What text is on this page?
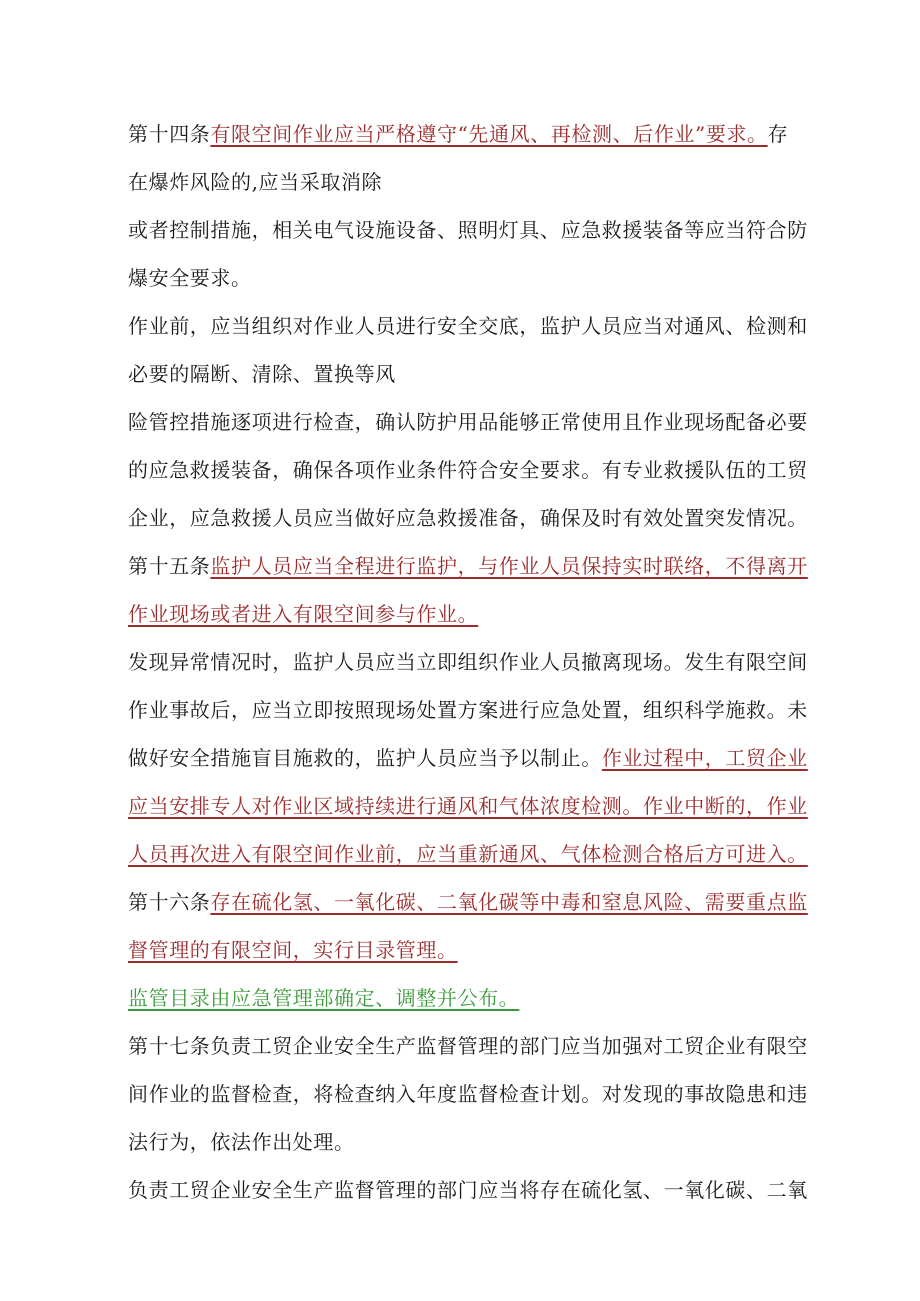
第十四条有限空间作业应当严格遵守“先通风、再检测、后作业”要求。存
在爆炸风险的,应当采取消除
或者控制措施，相关电气设施设备、照明灯具、应急救援装备等应当符合防
爆安全要求。
作业前，应当组织对作业人员进行安全交底，监护人员应当对通风、检测和
必要的隔断、清除、置换等风
险管控措施逐项进行检查，确认防护用品能够正常使用且作业现场配备必要
的应急救援装备，确保各项作业条件符合安全要求。有专业救援队伍的工贸
企业，应急救援人员应当做好应急救援准备，确保及时有效处置突发情况。
第十五条监护人员应当全程进行监护，与作业人员保持实时联络，不得离开
作业现场或者进入有限空间参与作业。
发现异常情况时，监护人员应当立即组织作业人员撤离现场。发生有限空间
作业事故后，应当立即按照现场处置方案进行应急处置，组织科学施救。未
做好安全措施盲目施救的，监护人员应当予以制止。作业过程中，工贸企业
应当安排专人对作业区域持续进行通风和气体浓度检测。作业中断的，作业
人员再次进入有限空间作业前，应当重新通风、气体检测合格后方可进入。
第十六条存在硫化氢、一氧化碳、二氧化碳等中毒和窒息风险、需要重点监
督管理的有限空间，实行目录管理。
监管目录由应急管理部确定、调整并公布。
第十七条负责工贸企业安全生产监督管理的部门应当加强对工贸企业有限空
间作业的监督检查，将检查纳入年度监督检查计划。对发现的事故隐患和违
法行为，依法作出处理。
负责工贸企业安全生产监督管理的部门应当将存在硫化氢、一氧化碳、二氧
